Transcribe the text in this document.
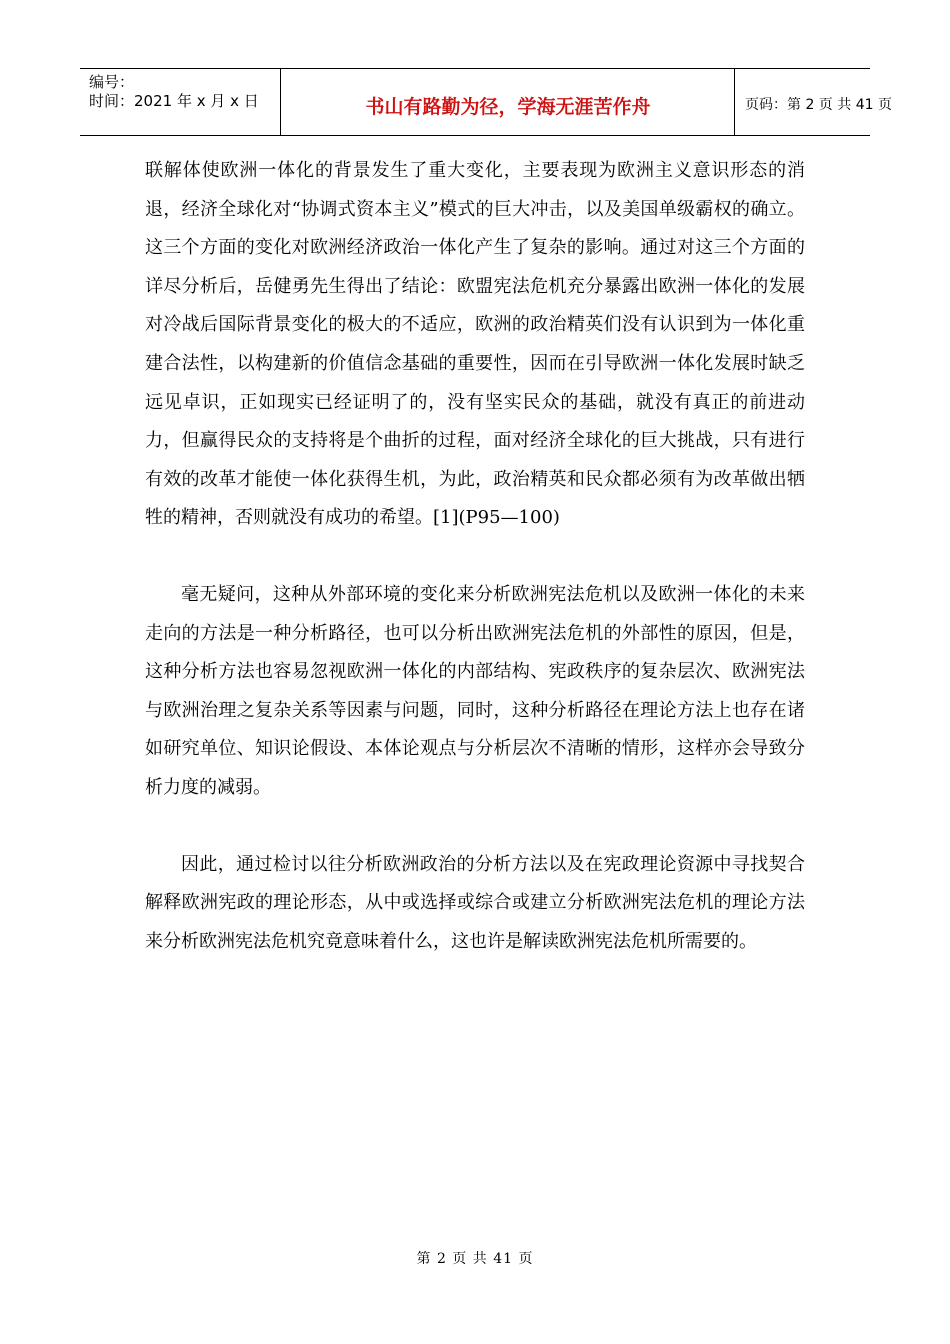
编号：
时间：2021 年 x 月 x 日	书山有路勤为径，学海无涯苦作舟	页码：第 2 页 共 41 页

联解体使欧洲一体化的背景发生了重大变化，主要表现为欧洲主义意识形态的消退，经济全球化对“协调式资本主义”模式的巨大冲击，以及美国单级霸权的确立。这三个方面的变化对欧洲经济政治一体化产生了复杂的影响。通过对这三个方面的详尽分析后，岳健勇先生得出了结论：欧盟宪法危机充分暴露出欧洲一体化的发展对冷战后国际背景变化的极大的不适应，欧洲的政治精英们没有认识到为一体化重建合法性，以构建新的价值信念基础的重要性，因而在引导欧洲一体化发展时缺乏远见卓识，正如现实已经证明了的，没有坚实民众的基础，就没有真正的前进动力，但赢得民众的支持将是个曲折的过程，面对经济全球化的巨大挑战，只有进行有效的改革才能使一体化获得生机，为此，政治精英和民众都必须有为改革做出牺牲的精神，否则就没有成功的希望。[1](P95—100)

毫无疑问，这种从外部环境的变化来分析欧洲宪法危机以及欧洲一体化的未来走向的方法是一种分析路径，也可以分析出欧洲宪法危机的外部性的原因，但是，这种分析方法也容易忽视欧洲一体化的内部结构、宪政秩序的复杂层次、欧洲宪法与欧洲治理之复杂关系等因素与问题，同时，这种分析路径在理论方法上也存在诸如研究单位、知识论假设、本体论观点与分析层次不清晰的情形，这样亦会导致分析力度的减弱。

因此，通过检讨以往分析欧洲政治的分析方法以及在宪政理论资源中寻找契合解释欧洲宪政的理论形态，从中或选择或综合或建立分析欧洲宪法危机的理论方法来分析欧洲宪法危机究竟意味着什么，这也许是解读欧洲宪法危机所需要的。

第 2 页 共 41 页
